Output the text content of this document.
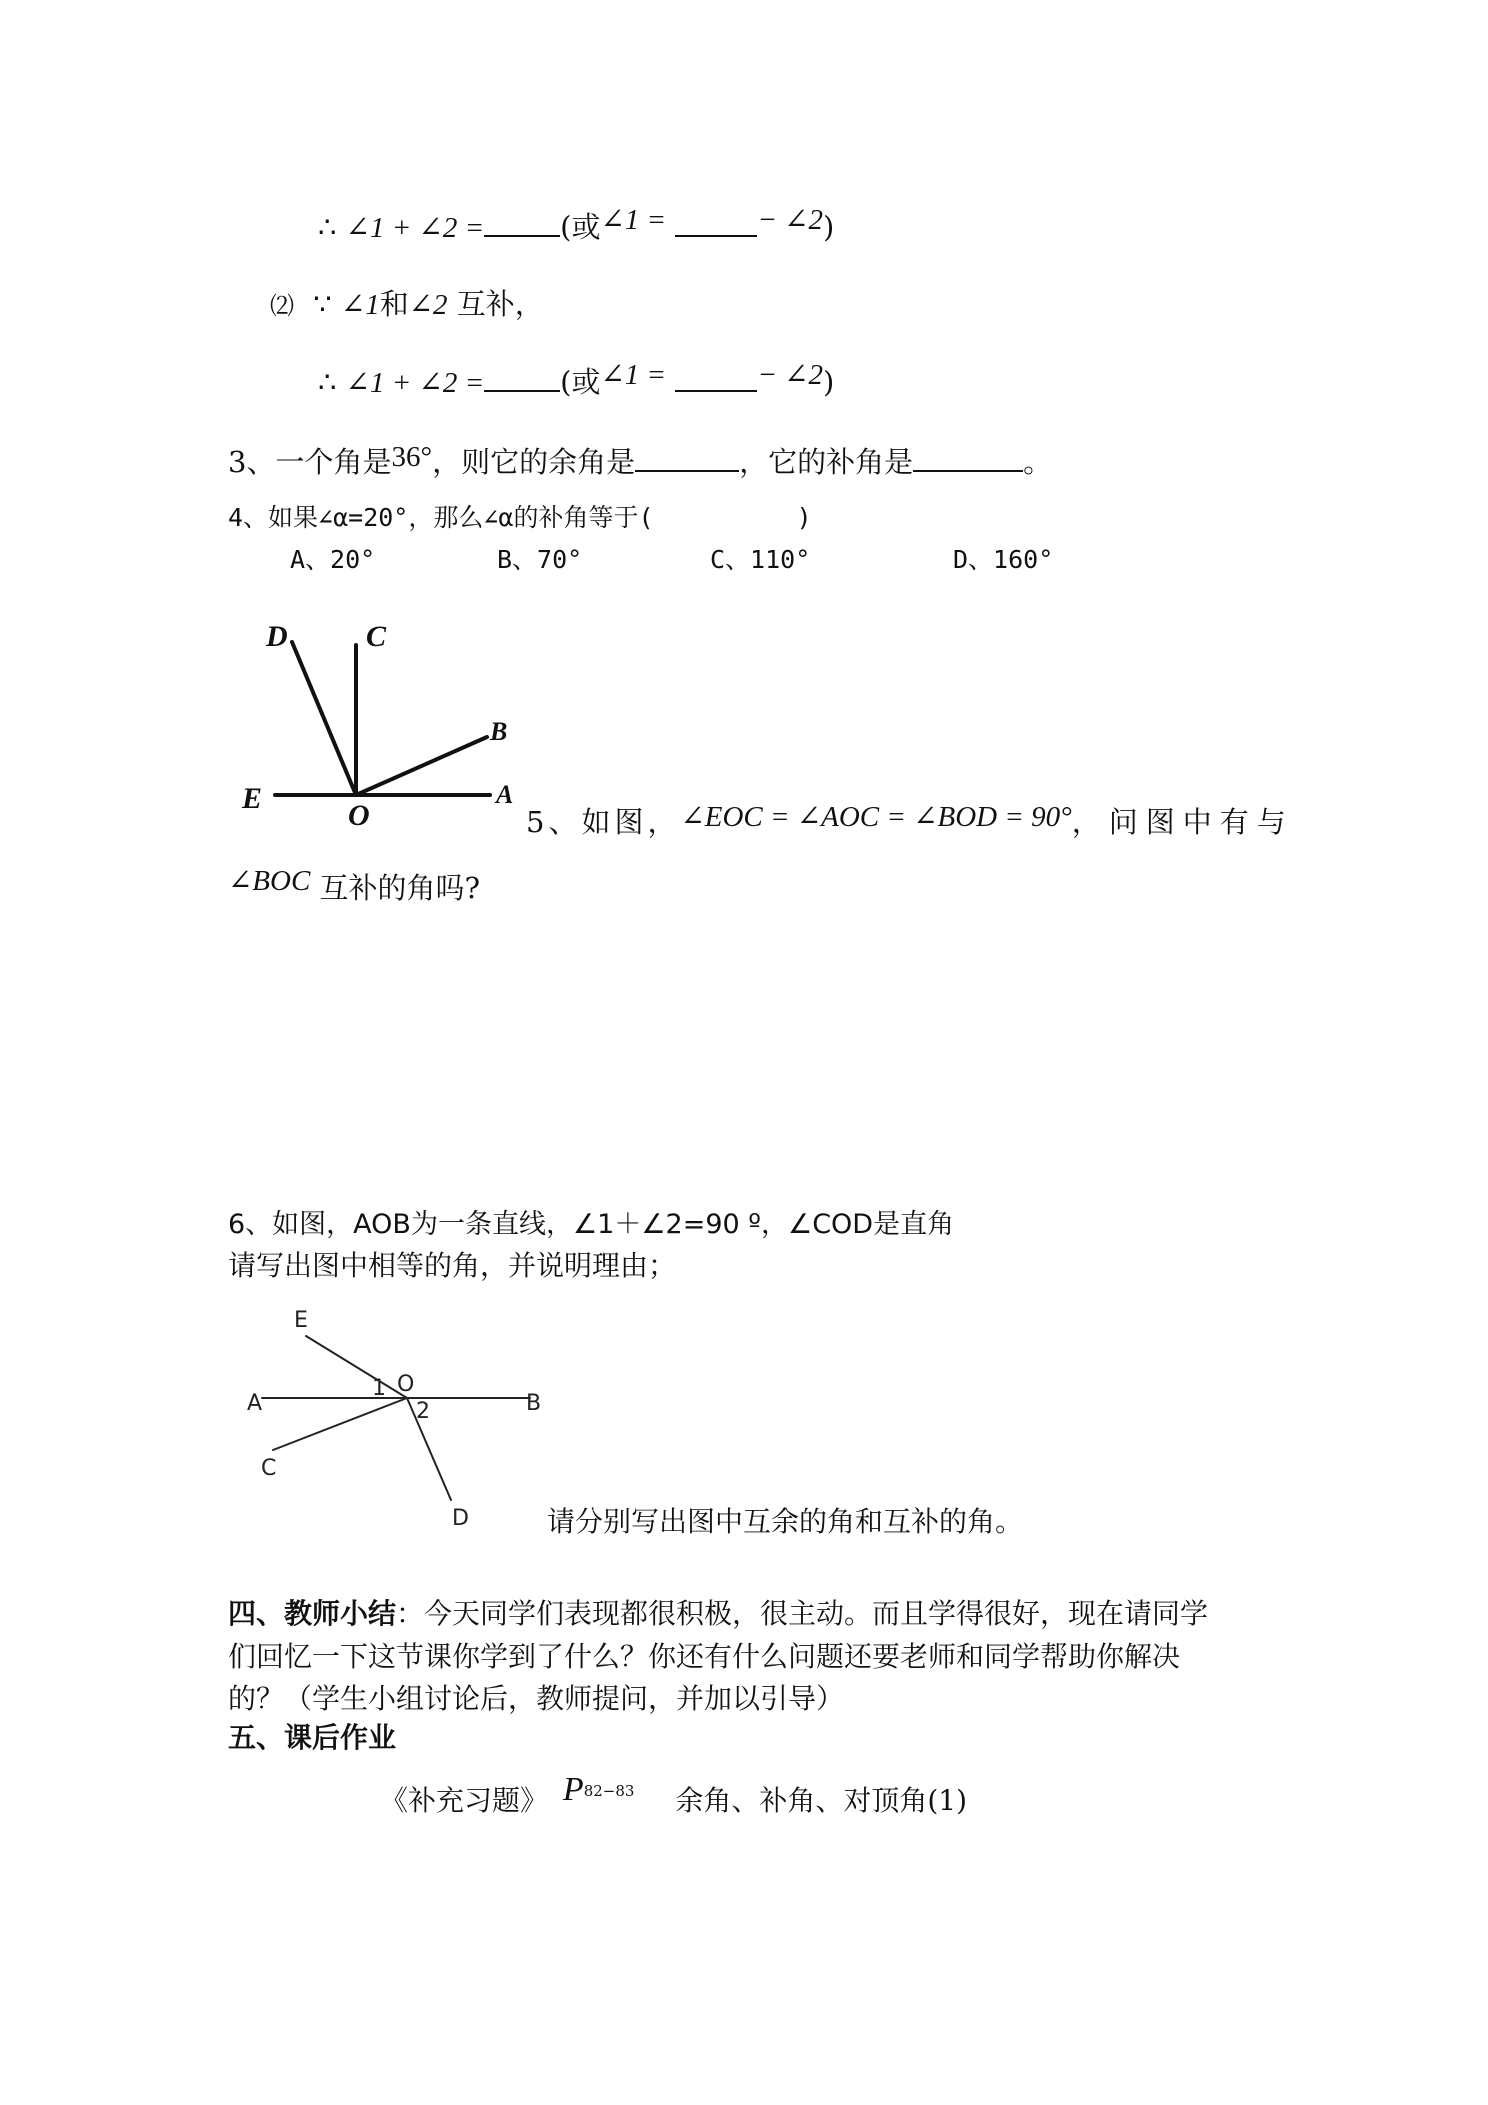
∴ ∠1 + ∠2 =	(或∠1 =	− ∠2)
⑵ ∵ ∠1和∠2 互补，
∴ ∠1 + ∠2 =	(或∠1 =	− ∠2)
3、一个角是36°，则它的余角是	，它的补角是	。
4、如果∠α=20°，那么∠α的补角等于(	)
A、20°	B、70°	C、110°	D、160°
D	C
B
E
O
A
5、如图，∠EOC = ∠AOC = ∠BOD = 90°，问图中有与
∠BOC 互补的角吗?
6、如图，AOB为一条直线，∠1＋∠2=90 º，∠COD是直角
请写出图中相等的角，并说明理由；
E
A
1 O
2	B
C
D	请分别写出图中互余的角和互补的角。
四、教师小结：今天同学们表现都很积极，很主动。而且学得很好，现在请同学
们回忆一下这节课你学到了什么？你还有什么问题还要老师和同学帮助你解决
的？（学生小组讨论后，教师提问，并加以引导）
五、课后作业
《补充习题》 $P^{82-83}$ 余角、补角、对顶角(1)
